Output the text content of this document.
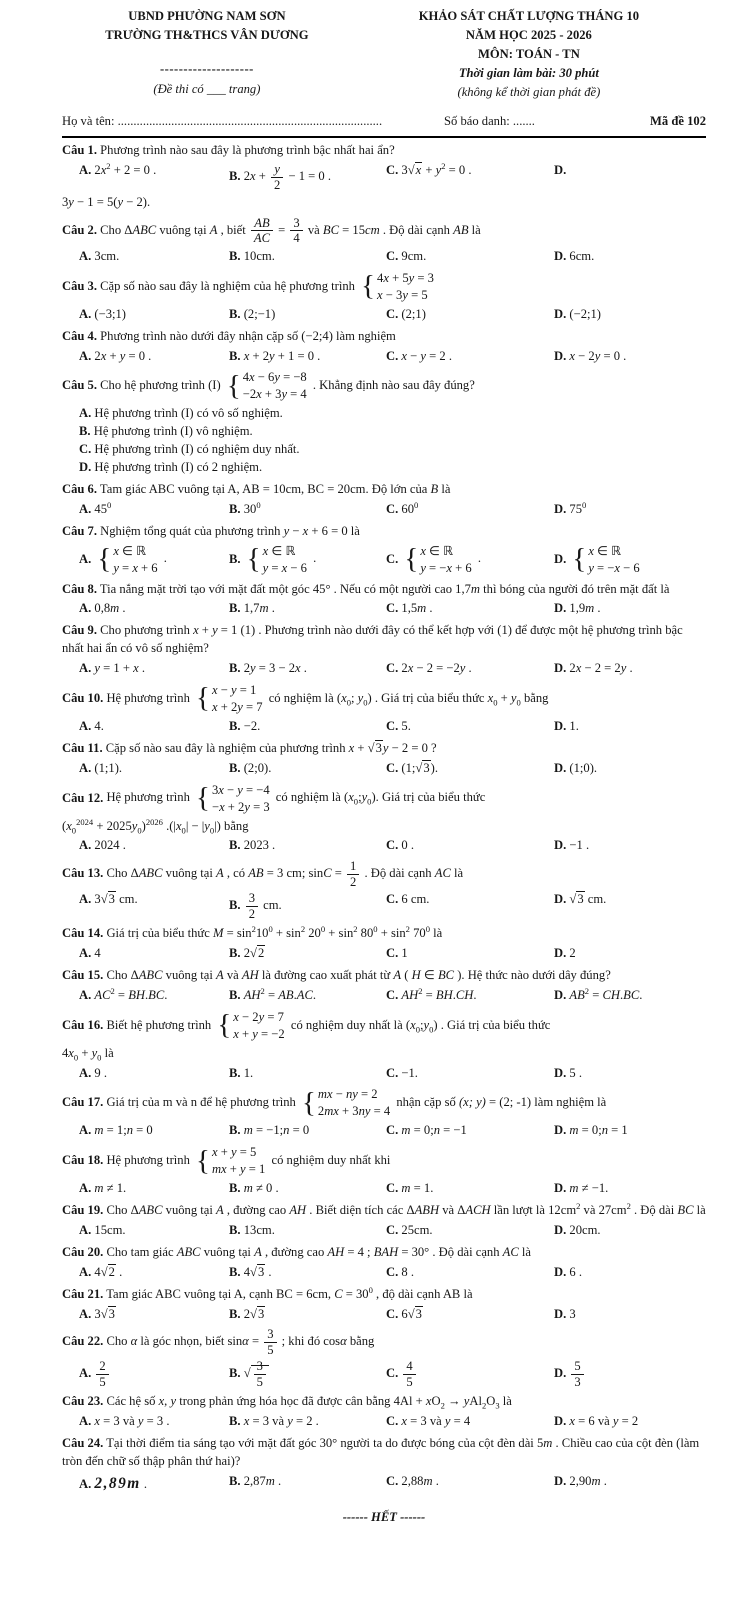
UBND PHƯỜNG NAM SƠN
TRƯỜNG TH&THCS VÂN DƯƠNG
--------------------
(Đề thi có ___ trang)
KHẢO SÁT CHẤT LƯỢNG THÁNG 10
NĂM HỌC 2025 - 2026
MÔN: TOÁN - TN
Thời gian làm bài: 30 phút
(không kể thời gian phát đề)
Họ và tên: ....................................................................................	Số báo danh: .......	Mã đề 102
Câu 1. Phương trình nào sau đây là phương trình bậc nhất hai ẩn?
A. $2x^2 + 2 = 0$ .	B. $2x + \frac{y}{2} - 1 = 0$ .	C. $3√x + y^2 = 0$ .	D.
3y − 1 = 5(y − 2).
Câu 2. Cho ΔABC vuông tại A , biết $\frac{AB}{AC} = \frac{3}{4}$ và BC = 15cm . Độ dài cạnh AB là
A. 3cm.	B. 10cm.	C. 9cm.	D. 6cm.
Câu 3. Cặp số nào sau đây là nghiệm của hệ phương trình { 4x + 5y = 3
x − 3y = 5
A. (−3;1)	B. (2;−1)	C. (2;1)	D. (−2;1)
Câu 4. Phương trình nào dưới đây nhận cặp số (−2;4) làm nghiệm
A. 2x + y = 0 .	B. x + 2y + 1 = 0 .	C. x − y = 2 .	D. x − 2y = 0 .
Câu 5. Cho hệ phương trình (I) { 4x − 6y = −8
−2x + 3y = 4
. Khẳng định nào sau đây đúng?
A. Hệ phương trình (I) có vô số nghiệm.
B. Hệ phương trình (I) vô nghiệm.
C. Hệ phương trình (I) có nghiệm duy nhất.
D. Hệ phương trình (I) có 2 nghiệm.
Câu 6. Tam giác ABC vuông tại A, AB = 10cm, BC = 20cm. Độ lớn của B là
A. $45^0$	B. $30^0$	C. $60^0$	D. $75^0$
Câu 7. Nghiệm tổng quát của phương trình y − x + 6 = 0 là
A. { x ∈ ℝ
y = x + 6
.	B. { x ∈ ℝ
y = x − 6
.	C. { x ∈ ℝ
y = −x + 6
.	D. { x ∈ ℝ
y = −x − 6
Câu 8. Tia nắng mặt trời tạo với mặt đất một góc 45° . Nếu có một người cao 1,7m thì bóng của người đó trên mặt đất là
A. 0,8m .	B. 1,7m .	C. 1,5m .	D. 1,9m .
Câu 9. Cho phương trình x + y = 1 (1) . Phương trình nào dưới đây có thể kết hợp với (1) để được một hệ phương trình bậc nhất hai ẩn có vô số nghiệm?
A. y = 1 + x .	B. 2y = 3 − 2x .	C. 2x − 2 = −2y .	D. 2x − 2 = 2y .
Câu 10. Hệ phương trình { x − y = 1
x + 2y = 7
có nghiệm là ($x_0$; $y_0$) . Giá trị của biểu thức $x_0 + y_0$ bằng
A. 4.	B. −2.	C. 5.	D. 1.
Câu 11. Cặp số nào sau đây là nghiệm của phương trình x + √3y − 2 = 0 ?
A. (1;1).	B. (2;0).	C. (1;√3).	D. (1;0).
Câu 12. Hệ phương trình { 3x − y = −4
−x + 2y = 3
có nghiệm là $(x_0;y_0)$. Giá trị của biểu thức
$(x_0^{2024} + 2025y_0)^{2026}$ $.(|x_0| - |y_0|)$ bằng
A. 2024 .	B. 2023 .	C. 0 .	D. −1 .
Câu 13. Cho ΔABC vuông tại A , có AB = 3 cm; $\sin C = \frac{1}{2}$ . Độ dài cạnh AC là
A. 3√3 cm.	B. $\frac{3}{2}$ cm.	C. 6 cm.	D. √3 cm.
Câu 14. Giá trị của biểu thức $M = \sin^210^0 + \sin^2 20^0 + \sin^2 80^0 + \sin^2 70^0$ là
A. 4	B. 2√2	C. 1	D. 2
Câu 15. Cho ΔABC vuông tại A và AH là đường cao xuất phát từ A ( H ∈ BC ). Hệ thức nào dưới dây đúng?
A. $AC^2 = BH.BC$.	B. $AH^2 = AB.AC$.	C. $AH^2 = BH.CH$.	D. $AB^2 = CH.BC$.
Câu 16. Biết hệ phương trình { x − 2y = 7
x + y = −2
có nghiệm duy nhất là $(x_0;y_0)$ . Giá trị của biểu thức
$4x_0 + y_0$ là
A. 9 .	B. 1.	C. −1.	D. 5 .
Câu 17. Giá trị của m và n để hệ phương trình { mx − ny = 2
2mx + 3ny = 4
nhận cặp số (x; y) = (2; -1) làm nghiệm là
A. m = 1;n = 0	B. m = −1;n = 0	C. m = 0;n = −1	D. m = 0;n = 1
Câu 18. Hệ phương trình { x + y = 5
mx + y = 1
có nghiệm duy nhất khi
A. m ≠ 1.	B. m ≠ 0 .	C. m = 1.	D. m ≠ −1.
Câu 19. Cho ΔABC vuông tại A , đường cao AH . Biết diện tích các ΔABH và ΔACH lần lượt là $12cm^2$ và $27cm^2$ . Độ dài BC là
A. 15cm.	B. 13cm.	C. 25cm.	D. 20cm.
Câu 20. Cho tam giác ABC vuông tại A , đường cao AH = 4 ; BAH = 30° . Độ dài cạnh AC là
A. 4√2 .	B. 4√3 .	C. 8 .	D. 6 .
Câu 21. Tam giác ABC vuông tại A, cạnh BC = 6cm, $C = 30^0$ , độ dài cạnh AB là
A. 3√3	B. 2√3	C. 6√3	D. 3
Câu 22. Cho α là góc nhọn, biết $\sin\alpha = \frac{3}{5}$ ; khi đó cosα bằng
A. $\frac{2}{5}$	B. √ $\frac{3}{5}$	C. $\frac{4}{5}$	D. $\frac{5}{3}$
Câu 23. Các hệ số x, y trong phản ứng hóa học đã được cân bằng $4Al + xO_2 \to yAl_2O_3$ là
A. x = 3 và y = 3 .	B. x = 3 và y = 2 .	C. x = 3 và y = 4	D. x = 6 và y = 2
Câu 24. Tại thời điểm tia sáng tạo với mặt đất góc 30° người ta do được bóng của cột đèn dài 5m . Chiều cao của cột đèn (làm tròn đến chữ số thập phân thứ hai)?
A. 2,89m .	B. 2,87m .	C. 2,88m .	D. 2,90m .
------ HẾT ------
